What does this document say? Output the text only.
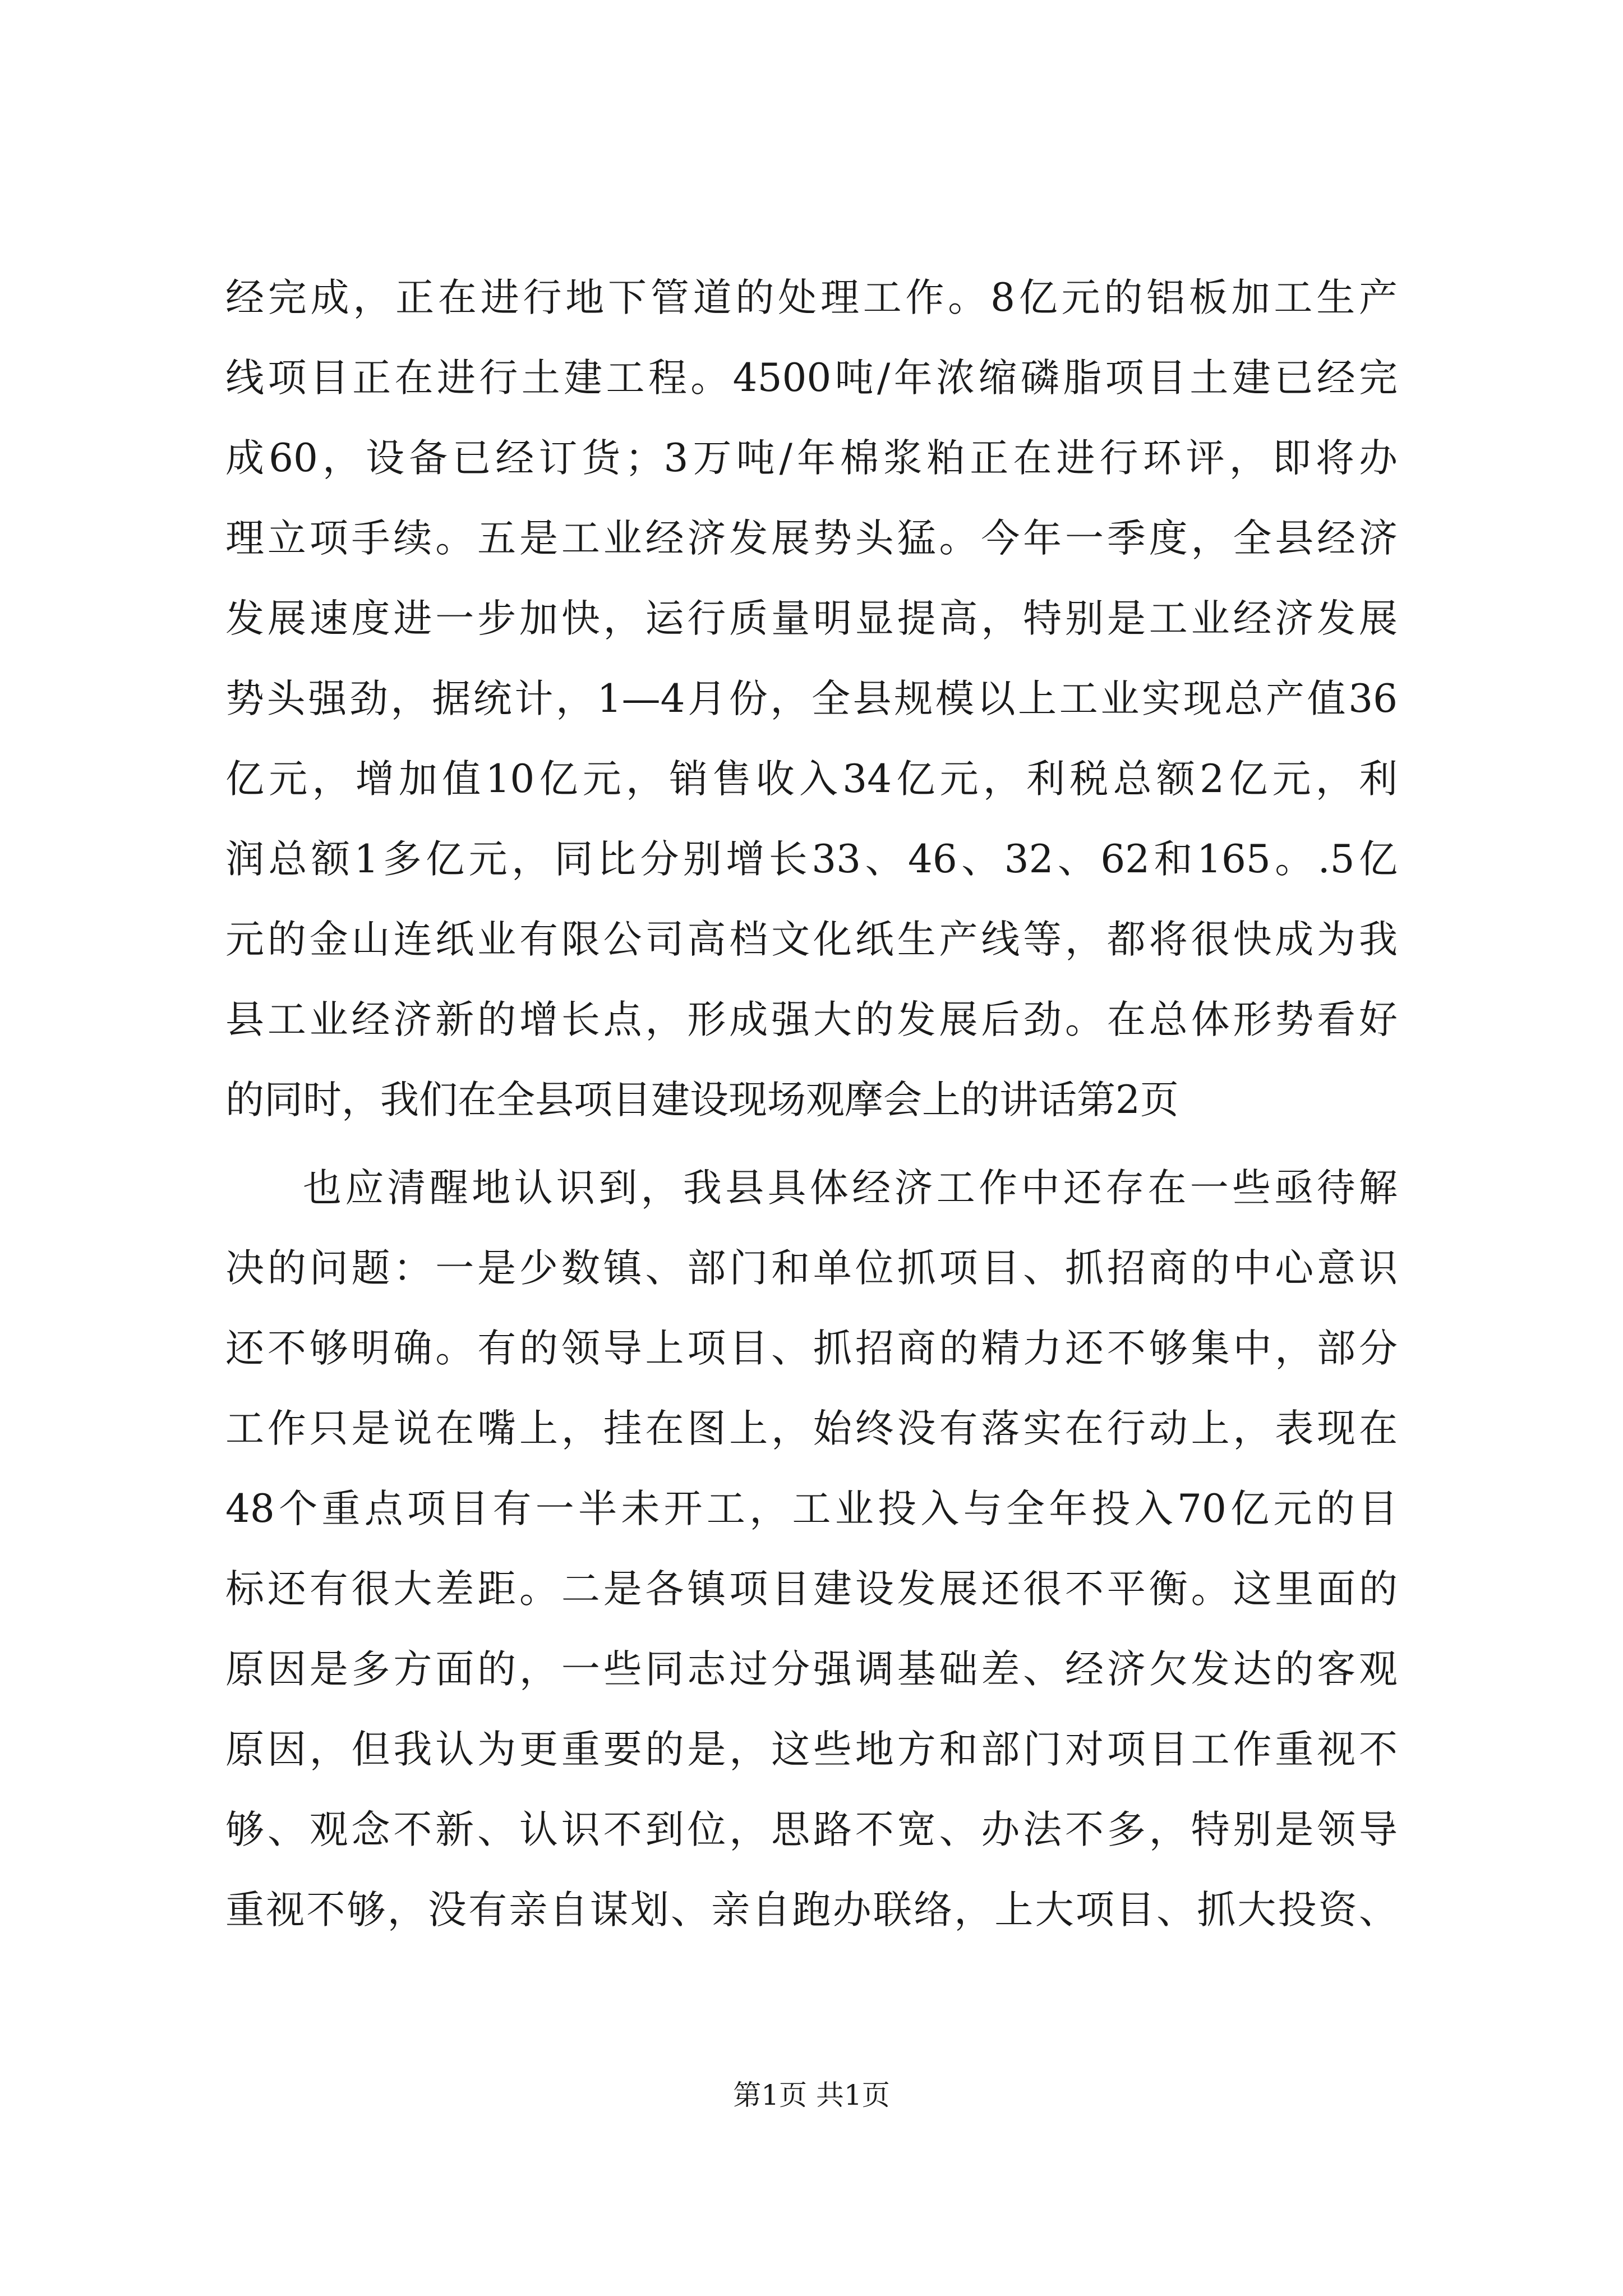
经完成，正在进行地下管道的处理工作。8亿元的铝板加工生产
线项目正在进行土建工程。4500吨/年浓缩磷脂项目土建已经完
成60，设备已经订货；3万吨/年棉浆粕正在进行环评，即将办
理立项手续。五是工业经济发展势头猛。今年一季度，全县经济
发展速度进一步加快，运行质量明显提高，特别是工业经济发展
势头强劲，据统计，1—4月份，全县规模以上工业实现总产值36
亿元，增加值10亿元，销售收入34亿元，利税总额2亿元，利
润总额1多亿元，同比分别增长33、46、32、62和165。.5亿
元的金山连纸业有限公司高档文化纸生产线等，都将很快成为我
县工业经济新的增长点，形成强大的发展后劲。在总体形势看好
的同时，我们在全县项目建设现场观摩会上的讲话第2页
也应清醒地认识到，我县具体经济工作中还存在一些亟待解
决的问题：一是少数镇、部门和单位抓项目、抓招商的中心意识
还不够明确。有的领导上项目、抓招商的精力还不够集中，部分
工作只是说在嘴上，挂在图上，始终没有落实在行动上，表现在
48个重点项目有一半未开工，工业投入与全年投入70亿元的目
标还有很大差距。二是各镇项目建设发展还很不平衡。这里面的
原因是多方面的，一些同志过分强调基础差、经济欠发达的客观
原因，但我认为更重要的是，这些地方和部门对项目工作重视不
够、观念不新、认识不到位，思路不宽、办法不多，特别是领导
重视不够，没有亲自谋划、亲自跑办联络，上大项目、抓大投资、
第1页 共1页
